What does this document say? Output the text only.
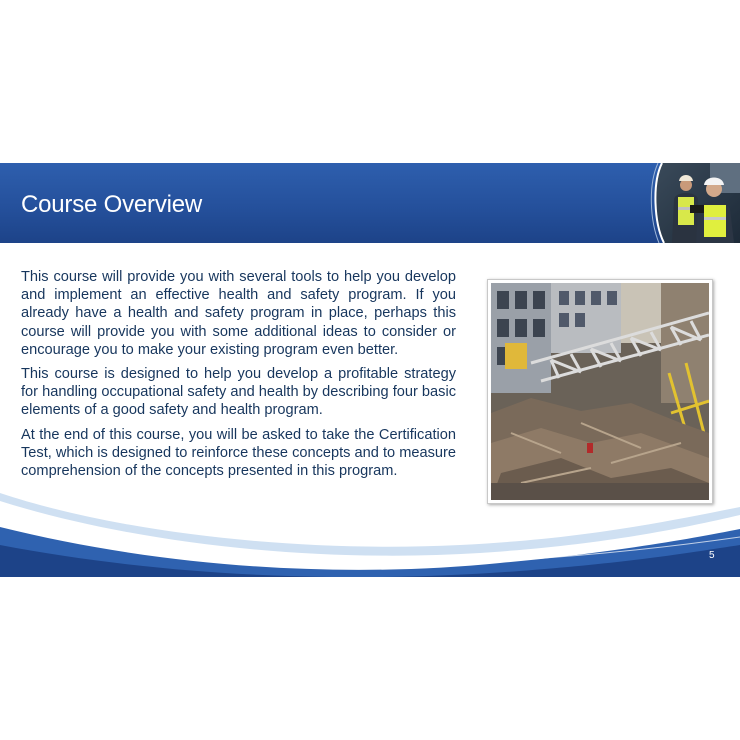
Course Overview

This course will provide you with several tools to help you develop and implement an effective health and safety program. If you already have a health and safety program in place, perhaps this course will provide you with some additional ideas to consider or encourage you to make your existing program even better.

This course is designed to help you develop a profitable strategy for handling occupational safety and health by describing four basic elements of a good safety and health program.

At the end of this course, you will be asked to take the Certification Test, which is designed to reinforce these concepts and to measure comprehension of the concepts presented in this program.

5
